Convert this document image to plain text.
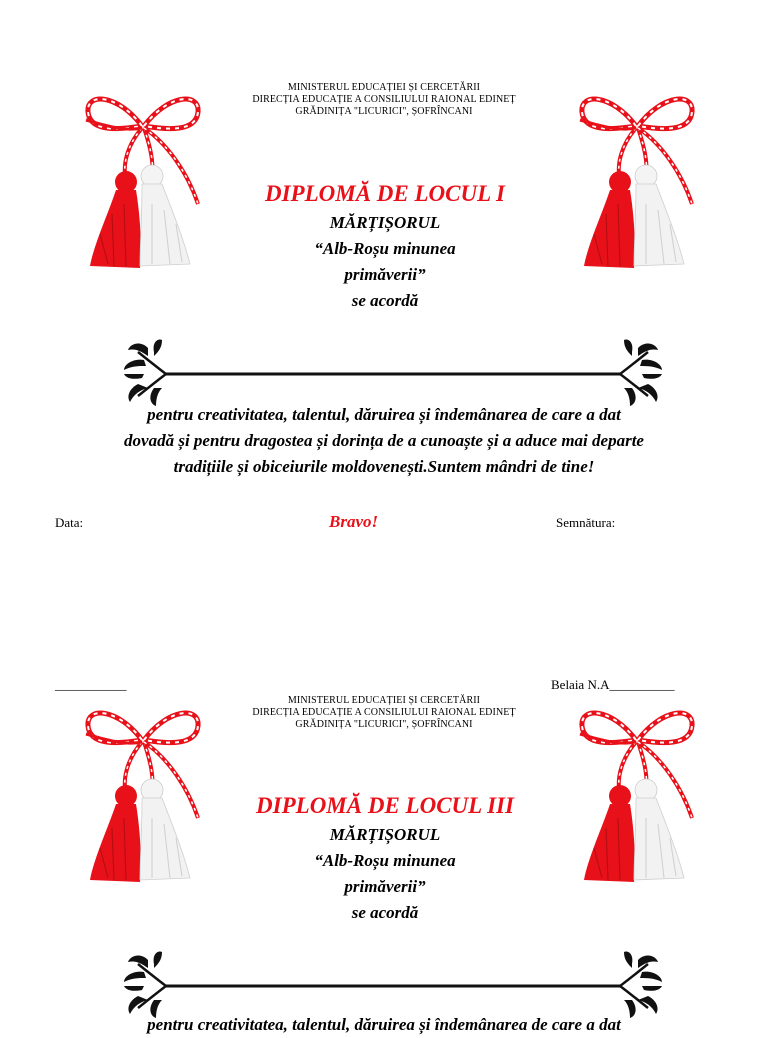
MINISTERUL EDUCAȚIEI ȘI CERCETĂRII
DIRECȚIA EDUCAȚIE A CONSILIULUI RAIONAL EDINEȚ
GRĂDINIȚA "LICURICI", ȘOFRÎNCANI
DIPLOMĂ DE LOCUL I
MĂRȚIȘORUL
“Alb-Roșu minunea
primăverii”
se acordă
pentru creativitatea, talentul, dăruirea și îndemânarea de care a dat
dovadă și pentru dragostea și dorința de a cunoaște și a aduce mai departe
tradițiile și obiceiurile moldovenești.Suntem mândri de tine!
Data:	Bravo!	Semnătura:
___________	Belaia N.A__________
MINISTERUL EDUCAȚIEI ȘI CERCETĂRII
DIRECȚIA EDUCAȚIE A CONSILIULUI RAIONAL EDINEȚ
GRĂDINIȚA "LICURICI", ȘOFRÎNCANI
DIPLOMĂ DE LOCUL III
MĂRȚIȘORUL
“Alb-Roșu minunea
primăverii”
se acordă
pentru creativitatea, talentul, dăruirea și îndemânarea de care a dat
